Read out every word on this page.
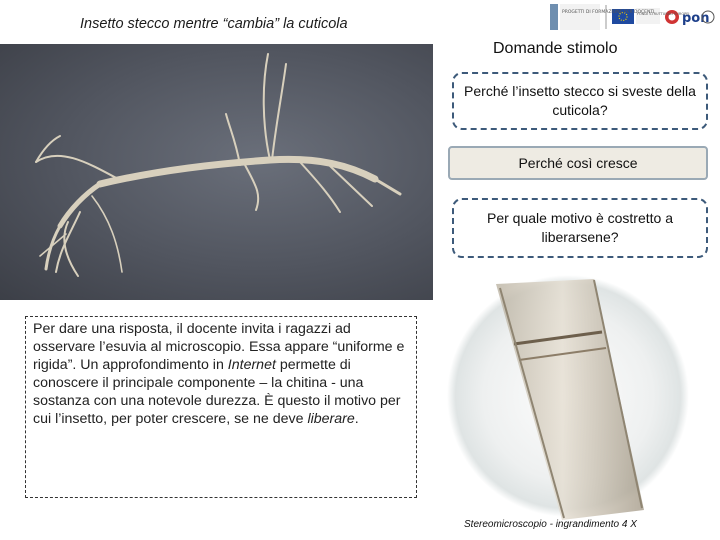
Insetto stecco mentre “cambia” la cuticola	pon
PROGETTI DI FORMAZIONE PER DOCENTI
FONDI STRUTTURALI EUROPEI
Domande stimolo
Perché l’insetto stecco si sveste della cuticola?
Perché così cresce
Per quale motivo è costretto a liberarsene?
Per dare una risposta, il docente invita i ragazzi ad osservare l’esuvia al microscopio. Essa appare “uniforme e rigida”. Un approfondimento in Internet permette di conoscere il principale componente – la chitina - una sostanza con una notevole durezza. È questo il motivo per cui l’insetto, per poter crescere, se ne deve liberare.
Stereomicroscopio - ingrandimento 4 X
